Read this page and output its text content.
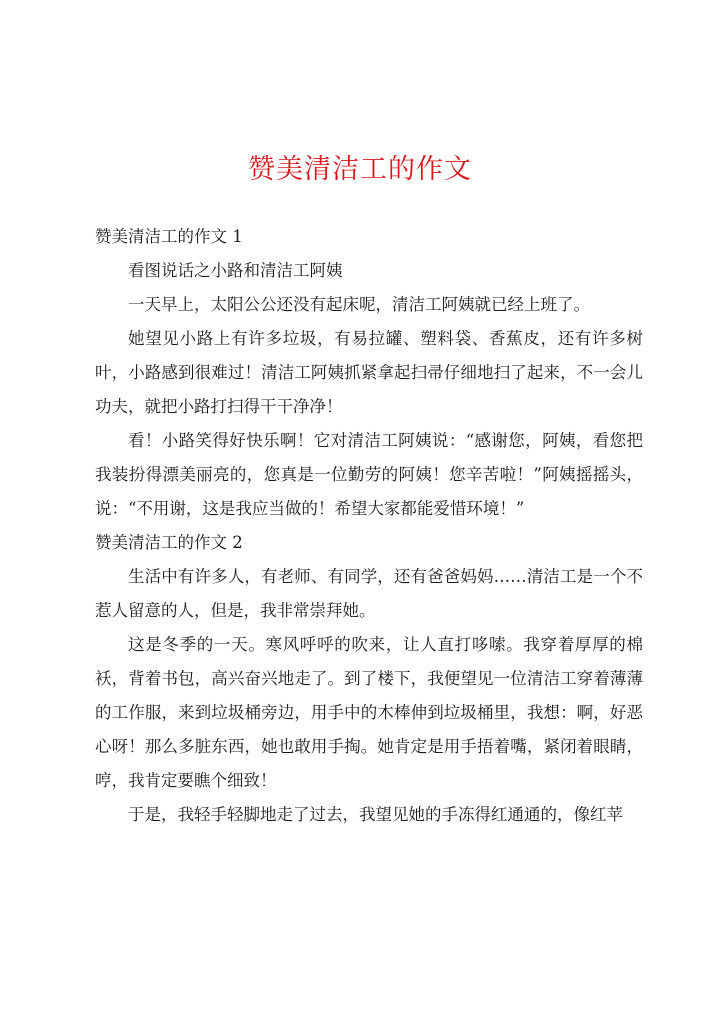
赞美清洁工的作文

赞美清洁工的作文 1

看图说话之小路和清洁工阿姨

一天早上，太阳公公还没有起床呢，清洁工阿姨就已经上班了。

她望见小路上有许多垃圾，有易拉罐、塑料袋、香蕉皮，还有许多树叶，小路感到很难过！清洁工阿姨抓紧拿起扫帚仔细地扫了起来，不一会儿功夫，就把小路打扫得干干净净！

看！小路笑得好快乐啊！它对清洁工阿姨说：“感谢您，阿姨，看您把我装扮得漂美丽亮的，您真是一位勤劳的阿姨！您辛苦啦！”阿姨摇摇头，说：“不用谢，这是我应当做的！希望大家都能爱惜环境！”

赞美清洁工的作文 2

生活中有许多人，有老师、有同学，还有爸爸妈妈……清洁工是一个不惹人留意的人，但是，我非常崇拜她。

这是冬季的一天。寒风呼呼的吹来，让人直打哆嗦。我穿着厚厚的棉袄，背着书包，高兴奋兴地走了。到了楼下，我便望见一位清洁工穿着薄薄的工作服，来到垃圾桶旁边，用手中的木棒伸到垃圾桶里，我想：啊，好恶心呀！那么多脏东西，她也敢用手掏。她肯定是用手捂着嘴，紧闭着眼睛，哼，我肯定要瞧个细致！

于是，我轻手轻脚地走了过去，我望见她的手冻得红通通的，像红苹
